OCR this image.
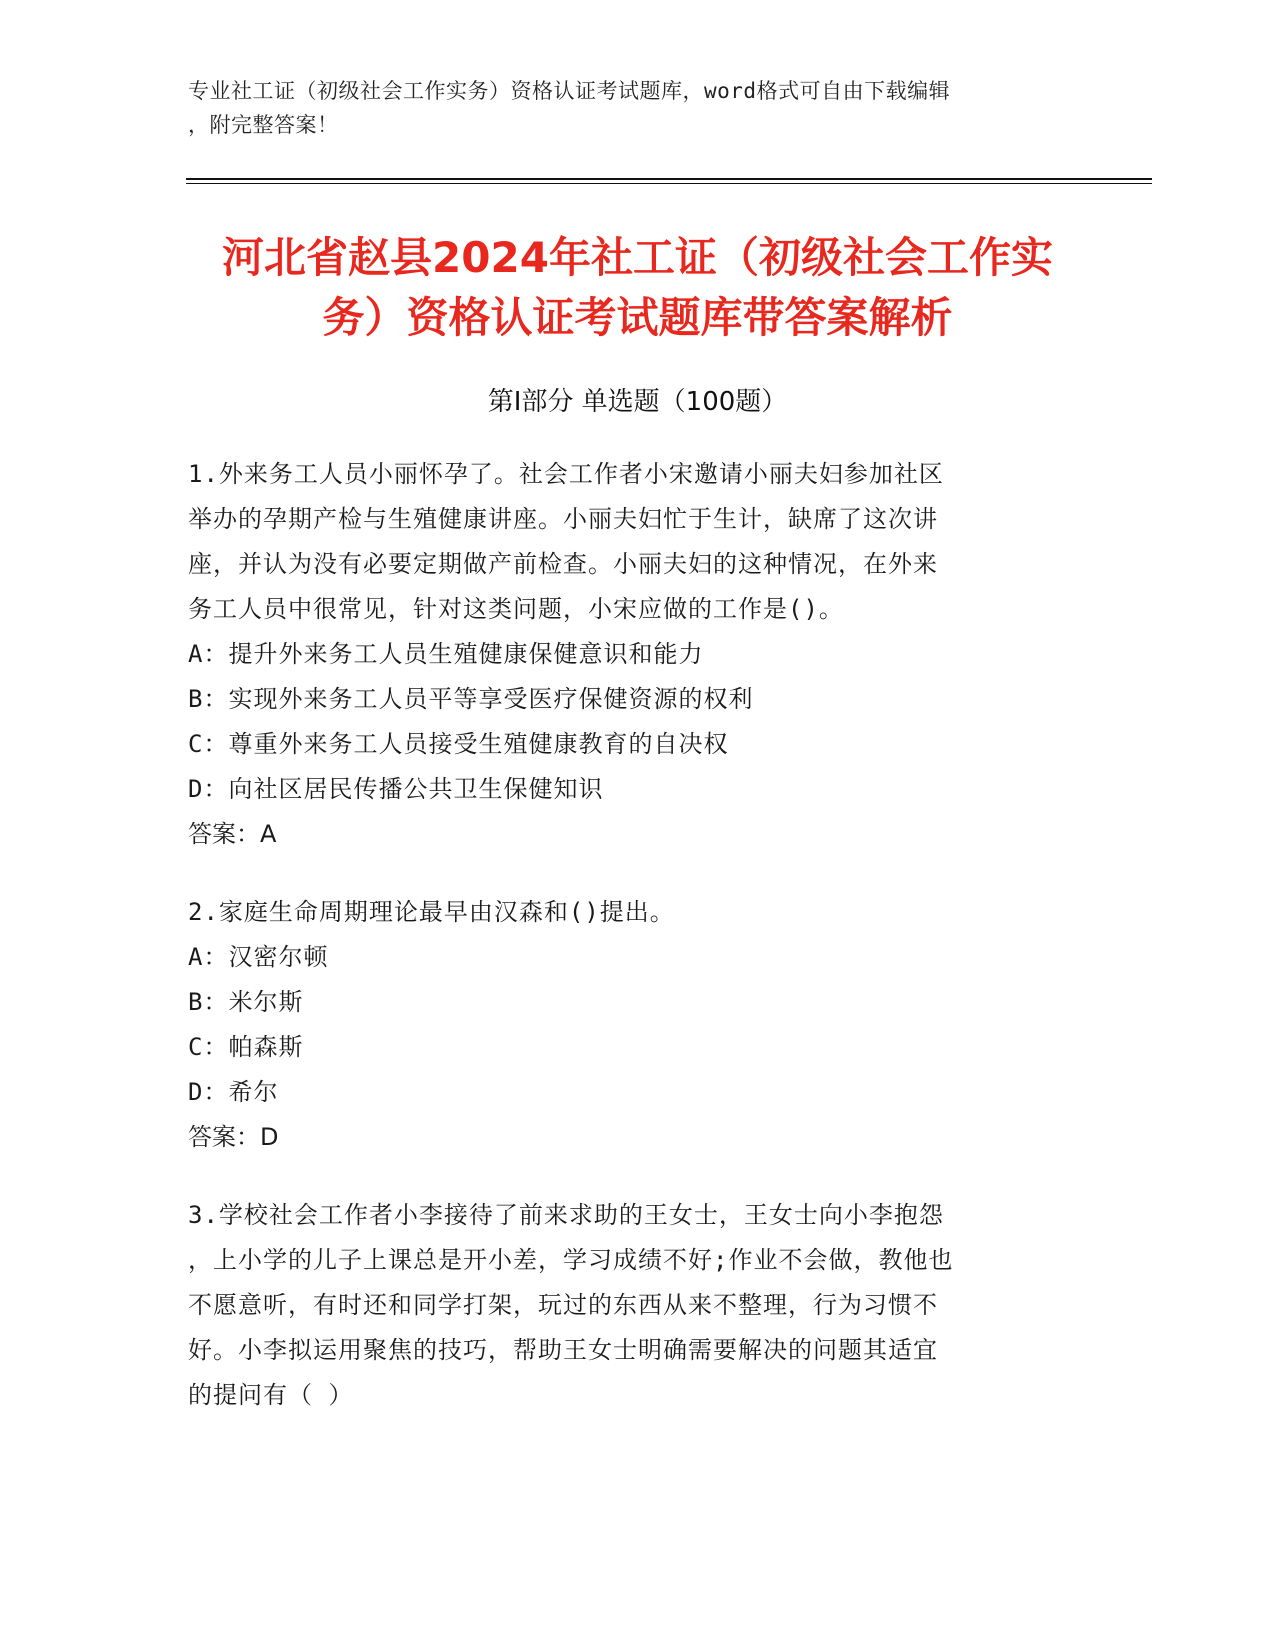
专业社工证（初级社会工作实务）资格认证考试题库，word格式可自由下载编辑
，附完整答案！
河北省赵县2024年社工证（初级社会工作实
务）资格认证考试题库带答案解析
第Ⅰ部分 单选题（100题）

1.外来务工人员小丽怀孕了。社会工作者小宋邀请小丽夫妇参加社区

举办的孕期产检与生殖健康讲座。小丽夫妇忙于生计，缺席了这次讲

座，并认为没有必要定期做产前检查。小丽夫妇的这种情况，在外来

务工人员中很常见，针对这类问题，小宋应做的工作是()。

A：提升外来务工人员生殖健康保健意识和能力

B：实现外来务工人员平等享受医疗保健资源的权利

C：尊重外来务工人员接受生殖健康教育的自决权

D：向社区居民传播公共卫生保健知识

答案：A

2.家庭生命周期理论最早由汉森和()提出。

A：汉密尔顿

B：米尔斯

C：帕森斯

D：希尔

答案：D

3.学校社会工作者小李接待了前来求助的王女士，王女士向小李抱怨

，上小学的儿子上课总是开小差，学习成绩不好;作业不会做，教他也

不愿意听，有时还和同学打架，玩过的东西从来不整理，行为习惯不

好。小李拟运用聚焦的技巧，帮助王女士明确需要解决的问题其适宜

的提问有（ ）
